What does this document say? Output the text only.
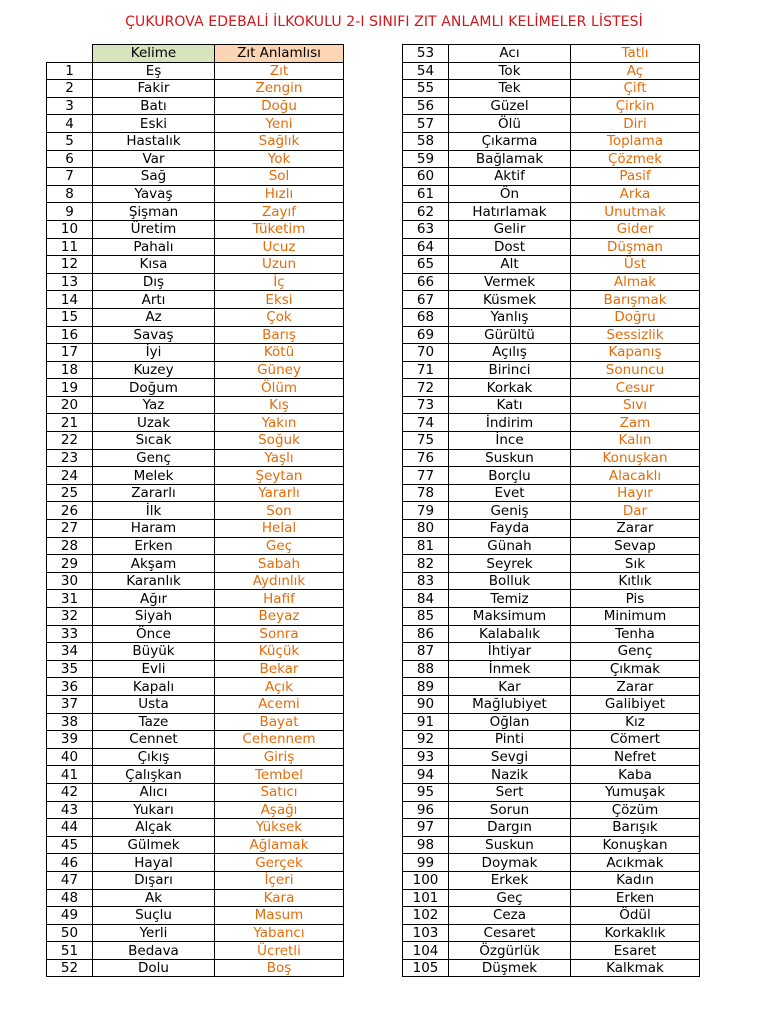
ÇUKUROVA EDEBALİ İLKOKULU 2-I SINIFI ZIT ANLAMLI KELİMELER LİSTESİ
	Kelime	Zıt Anlamlısı
1	Eş	Zıt
2	Fakir	Zengin
3	Batı	Doğu
4	Eski	Yeni
5	Hastalık	Sağlık
6	Var	Yok
7	Sağ	Sol
8	Yavaş	Hızlı
9	Şişman	Zayıf
10	Üretim	Tüketim
11	Pahalı	Ucuz
12	Kısa	Uzun
13	Dış	İç
14	Artı	Eksi
15	Az	Çok
16	Savaş	Barış
17	İyi	Kötü
18	Kuzey	Güney
19	Doğum	Ölüm
20	Yaz	Kış
21	Uzak	Yakın
22	Sıcak	Soğuk
23	Genç	Yaşlı
24	Melek	Şeytan
25	Zararlı	Yararlı
26	İlk	Son
27	Haram	Helal
28	Erken	Geç
29	Akşam	Sabah
30	Karanlık	Aydınlık
31	Ağır	Hafif
32	Siyah	Beyaz
33	Önce	Sonra
34	Büyük	Küçük
35	Evli	Bekar
36	Kapalı	Açık
37	Usta	Acemi
38	Taze	Bayat
39	Cennet	Cehennem
40	Çıkış	Giriş
41	Çalışkan	Tembel
42	Alıcı	Satıcı
43	Yukarı	Aşağı
44	Alçak	Yüksek
45	Gülmek	Ağlamak
46	Hayal	Gerçek
47	Dışarı	İçeri
48	Ak	Kara
49	Suçlu	Masum
50	Yerli	Yabancı
51	Bedava	Ücretli
52	Dolu	Boş
53	Acı	Tatlı
54	Tok	Aç
55	Tek	Çift
56	Güzel	Çirkin
57	Ölü	Diri
58	Çıkarma	Toplama
59	Bağlamak	Çözmek
60	Aktif	Pasif
61	Ön	Arka
62	Hatırlamak	Unutmak
63	Gelir	Gider
64	Dost	Düşman
65	Alt	Üst
66	Vermek	Almak
67	Küsmek	Barışmak
68	Yanlış	Doğru
69	Gürültü	Sessizlik
70	Açılış	Kapanış
71	Birinci	Sonuncu
72	Korkak	Cesur
73	Katı	Sıvı
74	İndirim	Zam
75	İnce	Kalın
76	Suskun	Konuşkan
77	Borçlu	Alacaklı
78	Evet	Hayır
79	Geniş	Dar
80	Fayda	Zarar
81	Günah	Sevap
82	Seyrek	Sık
83	Bolluk	Kıtlık
84	Temiz	Pis
85	Maksimum	Minimum
86	Kalabalık	Tenha
87	İhtiyar	Genç
88	İnmek	Çıkmak
89	Kar	Zarar
90	Mağlubiyet	Galibiyet
91	Oğlan	Kız
92	Pinti	Cömert
93	Sevgi	Nefret
94	Nazik	Kaba
95	Sert	Yumuşak
96	Sorun	Çözüm
97	Dargın	Barışık
98	Suskun	Konuşkan
99	Doymak	Acıkmak
100	Erkek	Kadın
101	Geç	Erken
102	Ceza	Ödül
103	Cesaret	Korkaklık
104	Özgürlük	Esaret
105	Düşmek	Kalkmak
